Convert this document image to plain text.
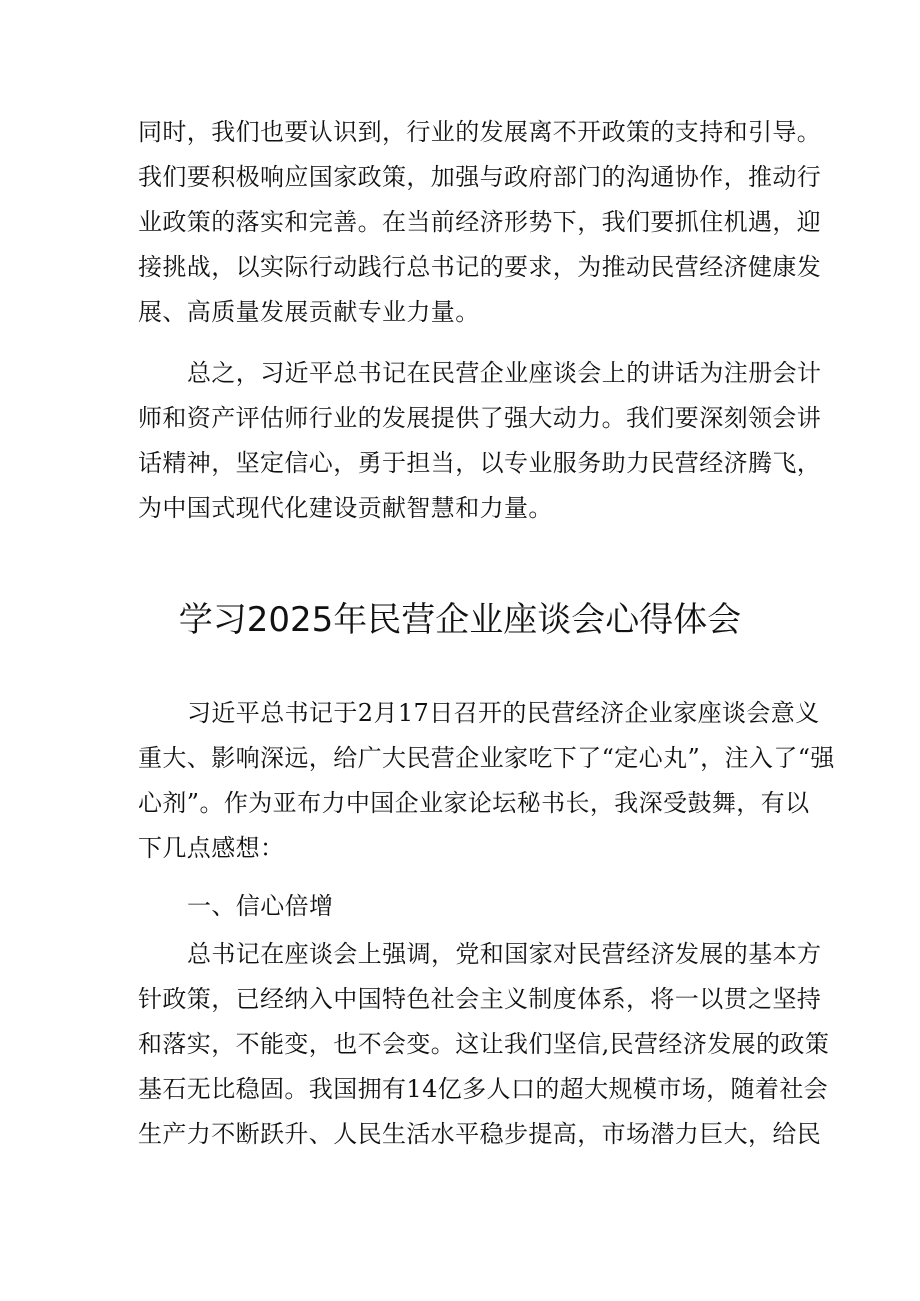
同时，我们也要认识到，行业的发展离不开政策的支持和引导。

我们要积极响应国家政策，加强与政府部门的沟通协作，推动行

业政策的落实和完善。在当前经济形势下，我们要抓住机遇，迎

接挑战，以实际行动践行总书记的要求，为推动民营经济健康发

展、高质量发展贡献专业力量。

总之，习近平总书记在民营企业座谈会上的讲话为注册会计

师和资产评估师行业的发展提供了强大动力。我们要深刻领会讲

话精神，坚定信心，勇于担当，以专业服务助力民营经济腾飞，

为中国式现代化建设贡献智慧和力量。

学习2025年民营企业座谈会心得体会

习近平总书记于2月17日召开的民营经济企业家座谈会意义

重大、影响深远，给广大民营企业家吃下了“定心丸”，注入了“强

心剂”。作为亚布力中国企业家论坛秘书长，我深受鼓舞，有以

下几点感想：

一、信心倍增

总书记在座谈会上强调，党和国家对民营经济发展的基本方

针政策，已经纳入中国特色社会主义制度体系，将一以贯之坚持

和落实，不能变，也不会变。这让我们坚信,民营经济发展的政策

基石无比稳固。我国拥有14亿多人口的超大规模市场，随着社会

生产力不断跃升、人民生活水平稳步提高，市场潜力巨大，给民
